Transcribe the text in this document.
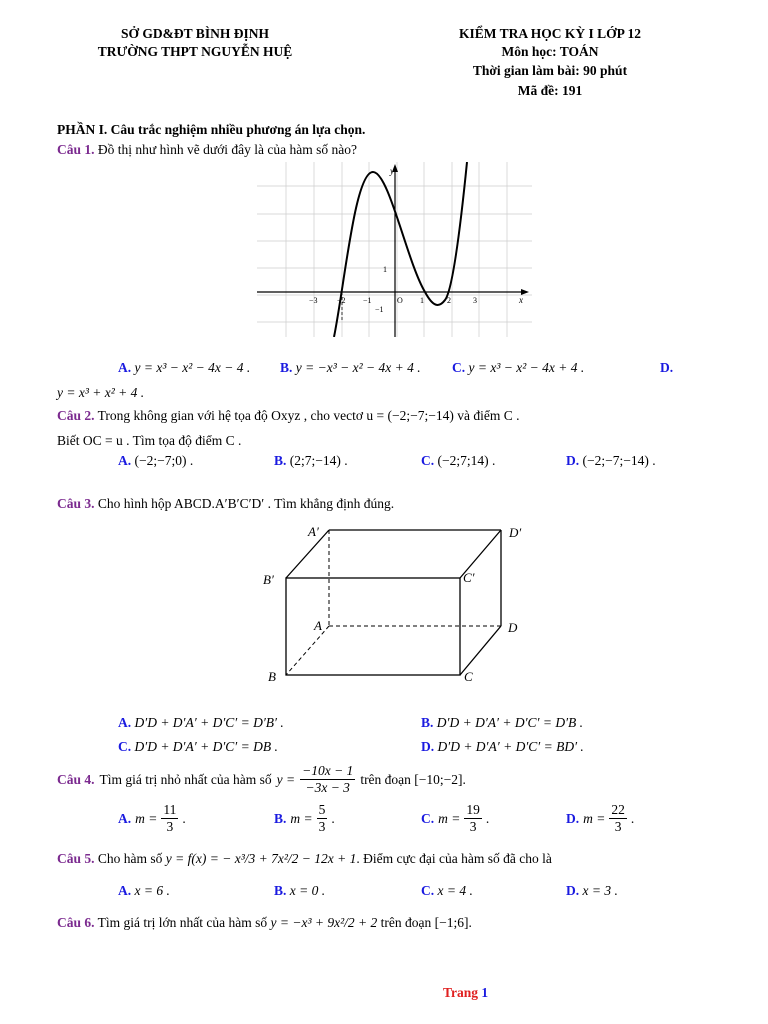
SỞ GD&ĐT BÌNH ĐỊNH
TRƯỜNG THPT NGUYỄN HUỆ
KIỂM TRA HỌC KỲ I LỚP 12
Môn học: TOÁN
Thời gian làm bài: 90 phút
Mã đề: 191
PHẦN I. Câu trắc nghiệm nhiều phương án lựa chọn.
Câu 1. Đồ thị như hình vẽ dưới đây là của hàm số nào?
y
x
O
−3 −2 −1	1	2	3
1
−1
A. y = x³ − x² − 4x − 4 . B. y = −x³ − x² − 4x + 4 . C. y = x³ − x² − 4x + 4 .	D.
y = x³ + x² + 4 .
Câu 2. Trong không gian với hệ tọa độ Oxyz , cho vectơ u = (−2;−7;−14) và điểm C .
Biết OC = u . Tìm tọa độ điểm C .
A. (−2;−7;0) .	B. (2;7;−14) .	C. (−2;7;14) .	D. (−2;−7;−14) .
Câu 3. Cho hình hộp ABCD.A′B′C′D′ . Tìm khẳng định đúng.
A′	D′
B′	C′
A	D
B	C
A. D′D + D′A′ + D′C′ = D′B′ .	B. D′D + D′A′ + D′C′ = D′B .
C. D′D + D′A′ + D′C′ = DB .	D. D′D + D′A′ + D′C′ = BD′ .
Câu 4. Tìm giá trị nhỏ nhất của hàm số $y = \frac{-10x - 1}{-3x - 3}$ trên đoạn [−10;−2].
A. $m = \frac{11}{3}$ .	B. $m = \frac{5}{3}$ .	C. $m = \frac{19}{3}$ .	D. $m = \frac{22}{3}$ .
Câu 5. Cho hàm số y = f(x) = − x³/3 + 7x²/2 − 12x + 1. Điểm cực đại của hàm số đã cho là
A. x = 6 .	B. x = 0 .	C. x = 4 .	D. x = 3 .
Câu 6. Tìm giá trị lớn nhất của hàm số y = −x³ + 9x²/2 + 2 trên đoạn [−1;6].
Trang 1
